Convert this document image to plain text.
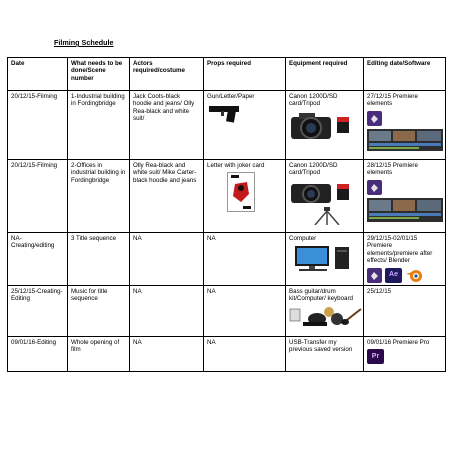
Filming Schedule
Date	What needs to be done/Scene number	Actors required/costume	Props required	Equipment required	Editing date/Software
20/12/15-Filming	1-Industrial building in Fordingbridge	Jack Coots-black hoodie and jeans/ Olly Rea-black and white suit/	Gun/Letter/Paper	Canon 1200D/SD card/Tripod	27/12/15 Premiere elements

20/12/15-Filming	2-Offices in industrial building in Fordingbridge	Olly Rea-black and white suit/ Mike Carter-black hoodie and jeans	Letter with joker card	Canon 1200D/SD card/Tripod	28/12/15 Premiere elements

NA-Creating/editing	3 Title sequence	NA	NA	Computer	29/12/15-02/01/15 Premiere elements/premiere after effects/ Blender
Ae

25/12/15-Creating-Editing	Music for title sequence	NA	NA	Bass guitar/drum kit/Computer/ keyboard	25/12/15
09/01/16-Editing	Whole opening of film	NA	NA	USB-Transfer my previous saved version	09/01/16 Premiere Pro
Pr
